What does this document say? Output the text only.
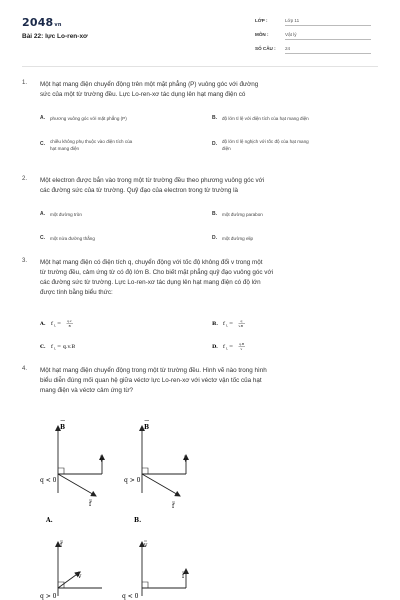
2048vn
Bài 22: lực Lo-ren-xơ
LỚP :	Lớp 11
MÔN :	Vật lý
SỐ CÂU : 24
1. Một hạt mang điện chuyển động trên một mặt phẳng (P) vuông góc với đường
sức của một từ trường đều. Lực Lo-ren-xơ tác dụng lên hạt mang điện có
A.	phương vuông góc với mặt phẳng (P)	B.	độ lớn tỉ lệ với điện tích của hạt mang điện
C.	chiều không phụ thuộc vào điện tích của
hạt mang điện
D.	độ lớn tỉ lệ nghịch với tốc độ của hạt mang
điện
2. Một electron được bắn vào trong một từ trường đều theo phương vuông góc với
các đường sức của từ trường. Quỹ đạo của electron trong từ trường là
A.	một đường tròn	B.	một đường parabon
C.	một nửa đường thẳng	D.	một đường elip
3. Một hạt mang điện có điện tích q, chuyển động với tốc độ không đổi v trong một
từ trường đều, cảm ứng từ có độ lớn B. Cho biết mặt phẳng quỹ đạo vuông góc với
các đường sức từ trường. Lực Lo-ren-xơ tác dụng lên hạt mang điện có độ lớn
được tính bằng biểu thức:
A. f L = q.v
B	B. f L = q
v.B
C. f L = q.v.B	D. f L = q.B
v
4. Một hạt mang điện chuyển động trong một từ trường đều. Hình vẽ nào trong hình
biểu diễn đúng mối quan hệ giữa véctơ lực Lo-ren-xơ với véctơ vận tốc của hạt
mang điện và véctơ cảm ứng từ?
B
f
v
q < 0
A.
B
f
v
q > 0
B.
f
v
q > 0
v
f
q < 0
